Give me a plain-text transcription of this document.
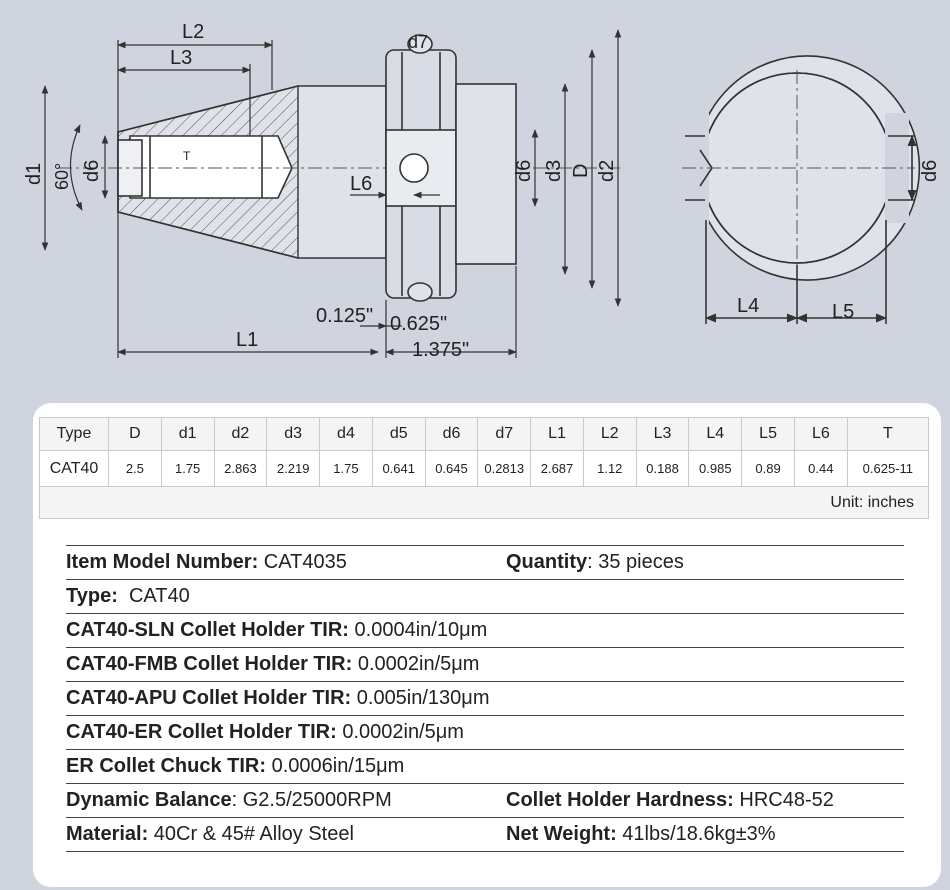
L2
L3
L1
L6
T
d7
d1 60° d6	d6 d3 D d2	d6
0.125" 0.625"
1.375"
L4	L5
Type	D	d1	d2	d3	d4	d5	d6	d7	L1	L2	L3	L4	L5	L6	T
CAT40	2.5	1.75	2.863	2.219	1.75	0.641	0.645	0.2813	2.687	1.12	0.188	0.985	0.89	0.44	0.625-11
Unit: inches															
Item Model Number: CAT4035	Quantity: 35 pieces
Type:  CAT40
CAT40-SLN Collet Holder TIR: 0.0004in/10μm
CAT40-FMB Collet Holder TIR: 0.0002in/5μm
CAT40-APU Collet Holder TIR: 0.005in/130μm
CAT40-ER Collet Holder TIR: 0.0002in/5μm
ER Collet Chuck TIR: 0.0006in/15μm
Dynamic Balance: G2.5/25000RPM	Collet Holder Hardness: HRC48-52
Material: 40Cr & 45# Alloy Steel	Net Weight: 41lbs/18.6kg±3%
